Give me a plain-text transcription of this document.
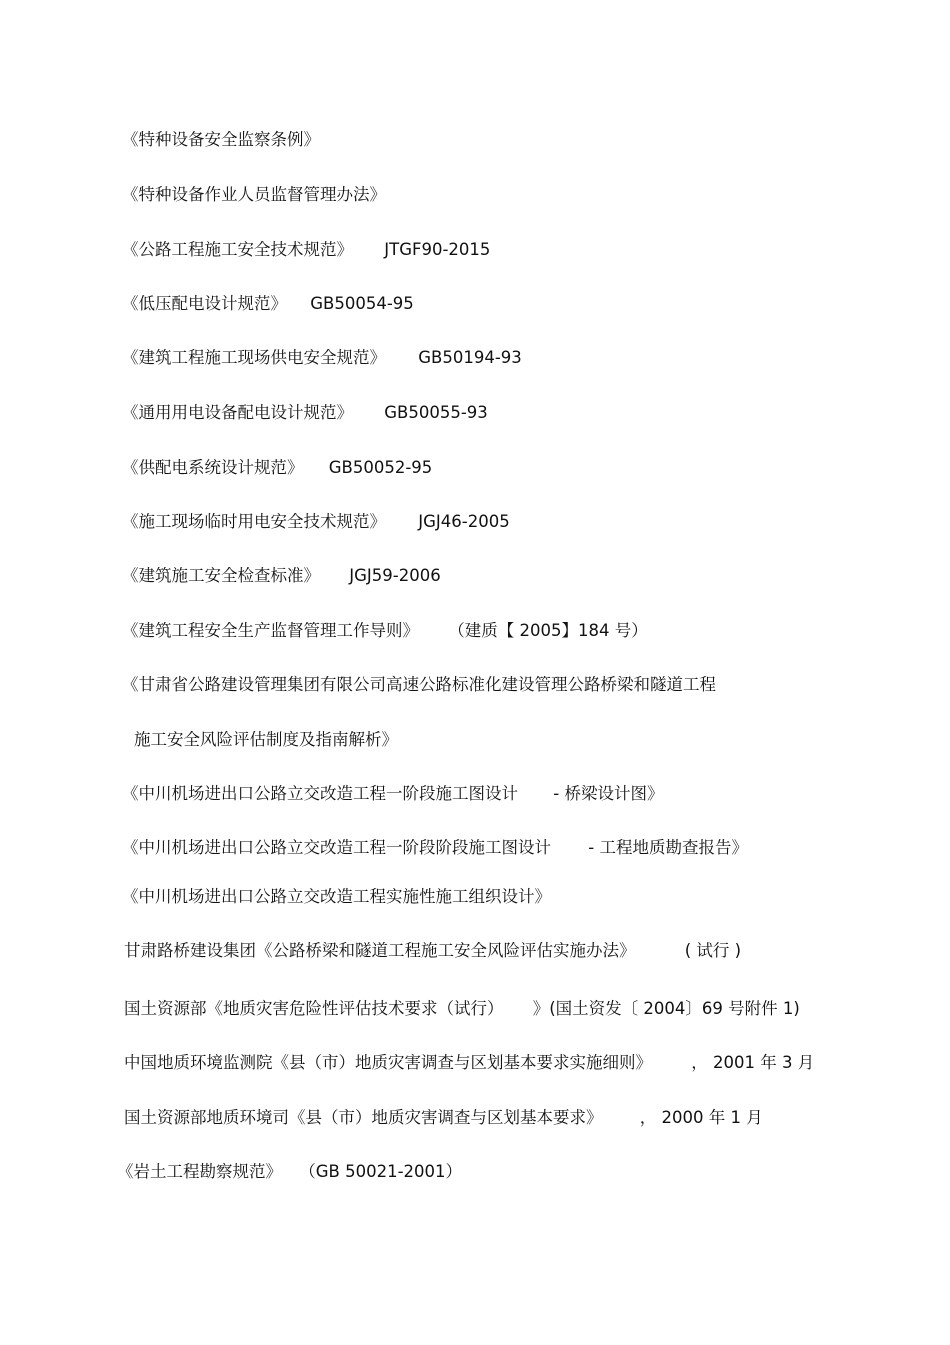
《特种设备安全监察条例》
《特种设备作业人员监督管理办法》
《公路工程施工安全技术规范》 JTGF90-2015
《低压配电设计规范》 GB50054-95
《建筑工程施工现场供电安全规范》 GB50194-93
《通用用电设备配电设计规范》 GB50055-93
《供配电系统设计规范》 GB50052-95
《施工现场临时用电安全技术规范》 JGJ46-2005
《建筑施工安全检查标准》 JGJ59-2006
《建筑工程安全生产监督管理工作导则》 （建质【 2005】184 号）
《甘肃省公路建设管理集团有限公司高速公路标准化建设管理公路桥梁和隧道工程
施工安全风险评估制度及指南解析》
《中川机场进出口公路立交改造工程一阶段施工图设计 - 桥梁设计图》
《中川机场进出口公路立交改造工程一阶段阶段施工图设计 - 工程地质勘查报告》
《中川机场进出口公路立交改造工程实施性施工组织设计》
甘肃路桥建设集团《公路桥梁和隧道工程施工安全风险评估实施办法》	( 试行 )
国土资源部《地质灾害危险性评估技术要求（试行） 》(国土资发〔 2004〕69 号附件 1)
中国地质环境监测院《县（市）地质灾害调查与区划基本要求实施细则》 ， 2001 年 3 月
国土资源部地质环境司《县（市）地质灾害调查与区划基本要求》 ， 2000 年 1 月
《岩土工程勘察规范》 （GB 50021-2001）
